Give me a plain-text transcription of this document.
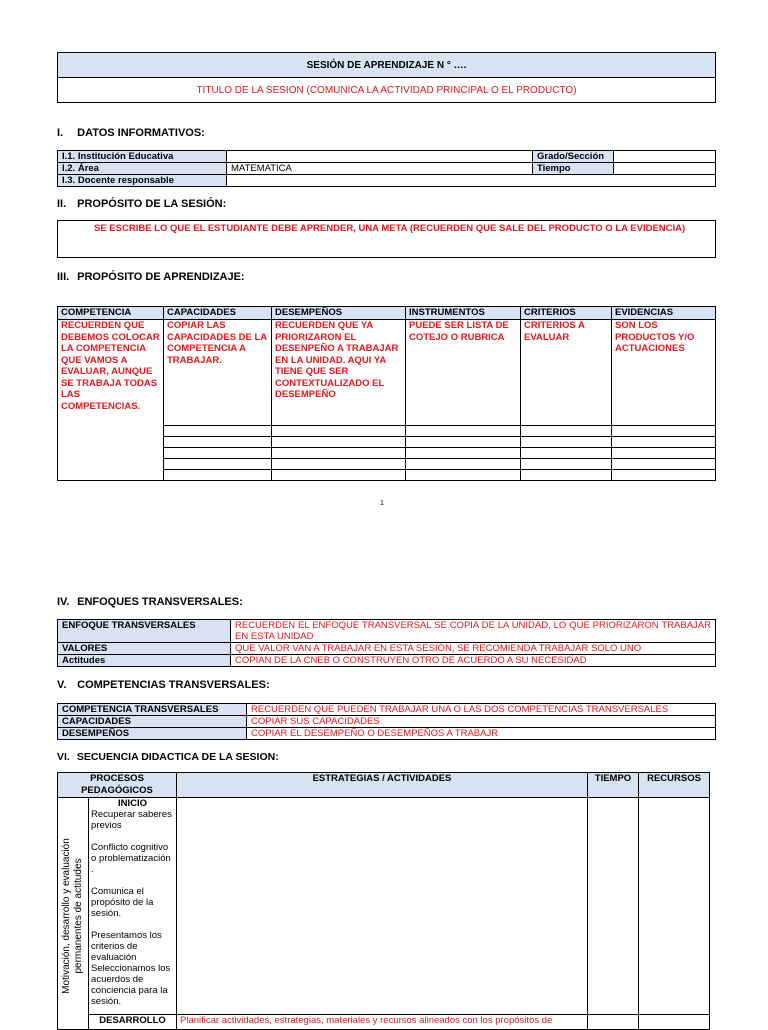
SESIÓN DE APRENDIZAJE N ° ….
TITULO DE LA SESION (COMUNICA LA ACTIVIDAD PRINCIPAL O EL PRODUCTO)
I. DATOS INFORMATIVOS:
I.1. Institución Educativa		Grado/Sección	
I.2. Área	MATEMATICA	Tiempo	
I.3. Docente responsable			
II. PROPÓSITO DE LA SESIÓN:
SE ESCRIBE LO QUE EL ESTUDIANTE DEBE APRENDER, UNA META (RECUERDEN QUE SALE DEL PRODUCTO O LA EVIDENCIA)
III. PROPÓSITO DE APRENDIZAJE:
COMPETENCIA	CAPACIDADES	DESEMPEÑOS	INSTRUMENTOS	CRITERIOS	EVIDENCIAS
RECUERDEN QUE DEBEMOS COLOCAR LA COMPETENCIA QUE VAMOS A EVALUAR, AUNQUE SE TRABAJA TODAS LAS COMPETENCIAS.	COPIAR LAS CAPACIDADES DE LA COMPETENCIA A TRABAJAR.	RECUERDEN QUE YA PRIORIZARON EL DESENPEÑO A TRABAJAR EN LA UNIDAD. AQUI YA TIENE QUE SER CONTEXTUALIZADO EL DESEMPEÑO	PUEDE SER LISTA DE COTEJO O RUBRICA	CRITERIOS A EVALUAR	SON LOS PRODUCTOS Y/O ACTUACIONES

1
IV. ENFOQUES TRANSVERSALES:
ENFOQUE TRANSVERSALES	RECUERDEN EL ENFOQUE TRANSVERSAL SE COPIA DE LA UNIDAD, LO QUE PRIORIZARON TRABAJAR EN ESTA UNIDAD
VALORES	QUE VALOR VAN A TRABAJAR EN ESTA SESIÓN, SE RECOMIENDA TRABAJAR SOLO UNO
Actitudes	COPIAN DE LA CNEB O CONSTRUYEN OTRO DE ACUERDO A SU NECESIDAD
V. COMPETENCIAS TRANSVERSALES:
COMPETENCIA TRANSVERSALES	RECUERDEN QUE PUEDEN TRABAJAR UNA O LAS DOS COMPETENCIAS TRANSVERSALES
CAPACIDADES	COPIAR SUS CAPACIDADES
DESEMPEÑOS	COPIAR EL DESEMPEÑO O DESEMPEÑOS A TRABAJR
VI. SECUENCIA DIDACTICA DE LA SESION:
PROCESOS PEDAGÓGICOS		ESTRATEGIAS / ACTIVIDADES	TIEMPO	RECURSOS

Motivación, desarrollo y evaluación permanentes de actitudes	INICIO

Recuperar saberes previos

Conflicto cognitivo o problematización .

Comunica el propósito de la sesión.

Presentamos los criterios de evaluación Seleccionamos los acuerdos de conciencia para la sesión.			

	DESARROLLO	Planificar actividades, estrategias, materiales y recursos alineados con los propósitos de		
